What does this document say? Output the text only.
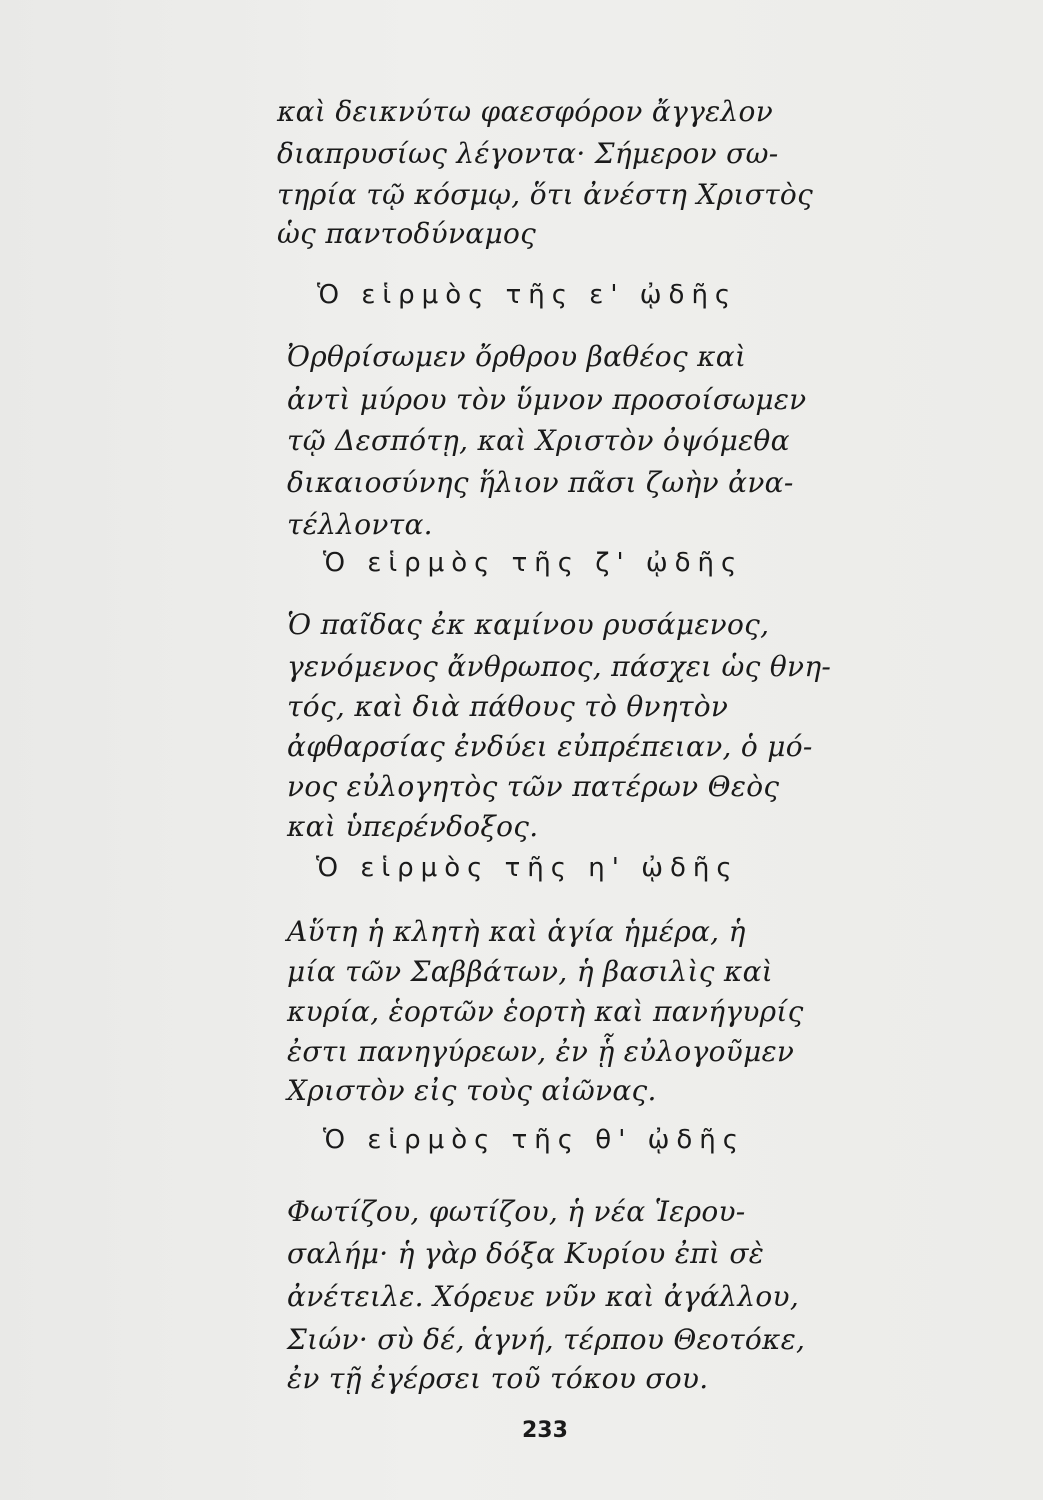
καὶ δεικνύτω φαεσφόρον ἄγγελον
διαπρυσίως λέγοντα· Σήμερον σω-
τηρία τῷ κόσμῳ, ὅτι ἀνέστη Χριστὸς
ὡς παντοδύναμος
Ὁ εἱρμὸς τῆς ε' ᾠδῆς
Ὀρθρίσωμεν ὄρθρου βαθέος καὶ
ἀντὶ μύρου τὸν ὕμνον προσοίσωμεν
τῷ Δεσπότῃ, καὶ Χριστὸν ὀψόμεθα
δικαιοσύνης ἥλιον πᾶσι ζωὴν ἀνα-
τέλλοντα.
Ὁ εἱρμὸς τῆς ζ' ᾠδῆς
Ὁ παῖδας ἐκ καμίνου ρυσάμενος,
γενόμενος ἄνθρωπος, πάσχει ὡς θνη-
τός, καὶ διὰ πάθους τὸ θνητὸν
ἀφθαρσίας ἐνδύει εὐπρέπειαν, ὁ μό-
νος εὐλογητὸς τῶν πατέρων Θεὸς
καὶ ὑπερένδοξος.
Ὁ εἱρμὸς τῆς η' ᾠδῆς
Αὕτη ἡ κλητὴ καὶ ἁγία ἡμέρα, ἡ
μία τῶν Σαββάτων, ἡ βασιλὶς καὶ
κυρία, ἑορτῶν ἑορτὴ καὶ πανήγυρίς
ἐστι πανηγύρεων, ἐν ᾗ εὐλογοῦμεν
Χριστὸν εἰς τοὺς αἰῶνας.
Ὁ εἱρμὸς τῆς θ' ᾠδῆς
Φωτίζου, φωτίζου, ἡ νέα Ἱερου-
σαλήμ· ἡ γὰρ δόξα Κυρίου ἐπὶ σὲ
ἀνέτειλε. Χόρευε νῦν καὶ ἀγάλλου,
Σιών· σὺ δέ, ἁγνή, τέρπου Θεοτόκε,
ἐν τῇ ἐγέρσει τοῦ τόκου σου.
233
